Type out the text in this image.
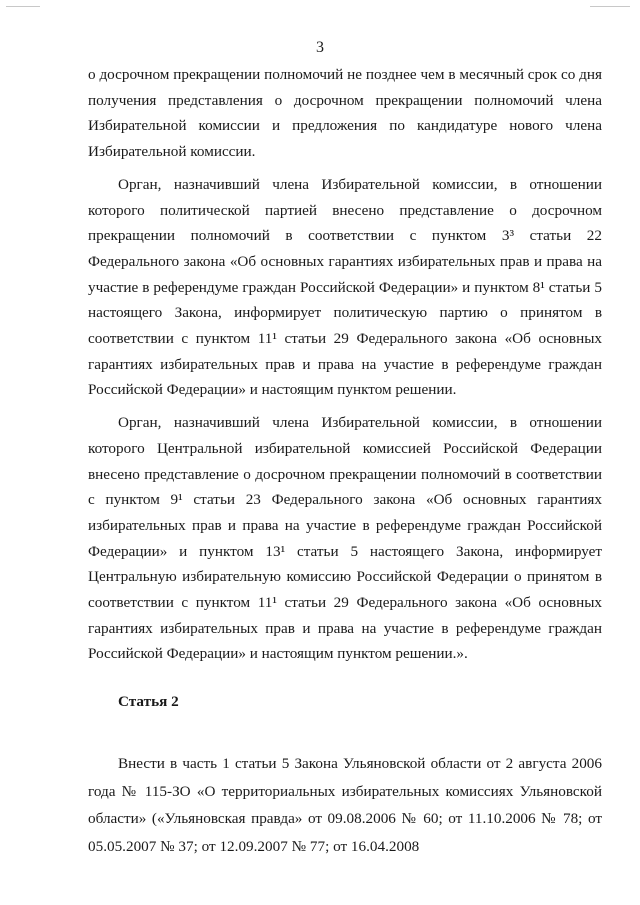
3

о досрочном прекращении полномочий не позднее чем в месячный срок со дня получения представления о досрочном прекращении полномочий члена Избирательной комиссии и предложения по кандидатуре нового члена Избирательной комиссии.

Орган, назначивший члена Избирательной комиссии, в отношении которого политической партией внесено представление о досрочном прекращении полномочий в соответствии с пунктом 3³ статьи 22 Федерального закона «Об основных гарантиях избирательных прав и права на участие в референдуме граждан Российской Федерации» и пунктом 8¹ статьи 5 настоящего Закона, информирует политическую партию о принятом в соответствии с пунктом 11¹ статьи 29 Федерального закона «Об основных гарантиях избирательных прав и права на участие в референдуме граждан Российской Федерации» и настоящим пунктом решении.

Орган, назначивший члена Избирательной комиссии, в отношении которого Центральной избирательной комиссией Российской Федерации внесено представление о досрочном прекращении полномочий в соответствии с пунктом 9¹ статьи 23 Федерального закона «Об основных гарантиях избирательных прав и права на участие в референдуме граждан Российской Федерации» и пунктом 13¹ статьи 5 настоящего Закона, информирует Центральную избирательную комиссию Российской Федерации о принятом в соответствии с пунктом 11¹ статьи 29 Федерального закона «Об основных гарантиях избирательных прав и права на участие в референдуме граждан Российской Федерации» и настоящим пунктом решении.».

Статья 2

Внести в часть 1 статьи 5 Закона Ульяновской области от 2 августа 2006 года № 115-ЗО «О территориальных избирательных комиссиях Ульяновской области» («Ульяновская правда» от 09.08.2006 № 60; от 11.10.2006 № 78; от 05.05.2007 № 37; от 12.09.2007 № 77; от 16.04.2008
